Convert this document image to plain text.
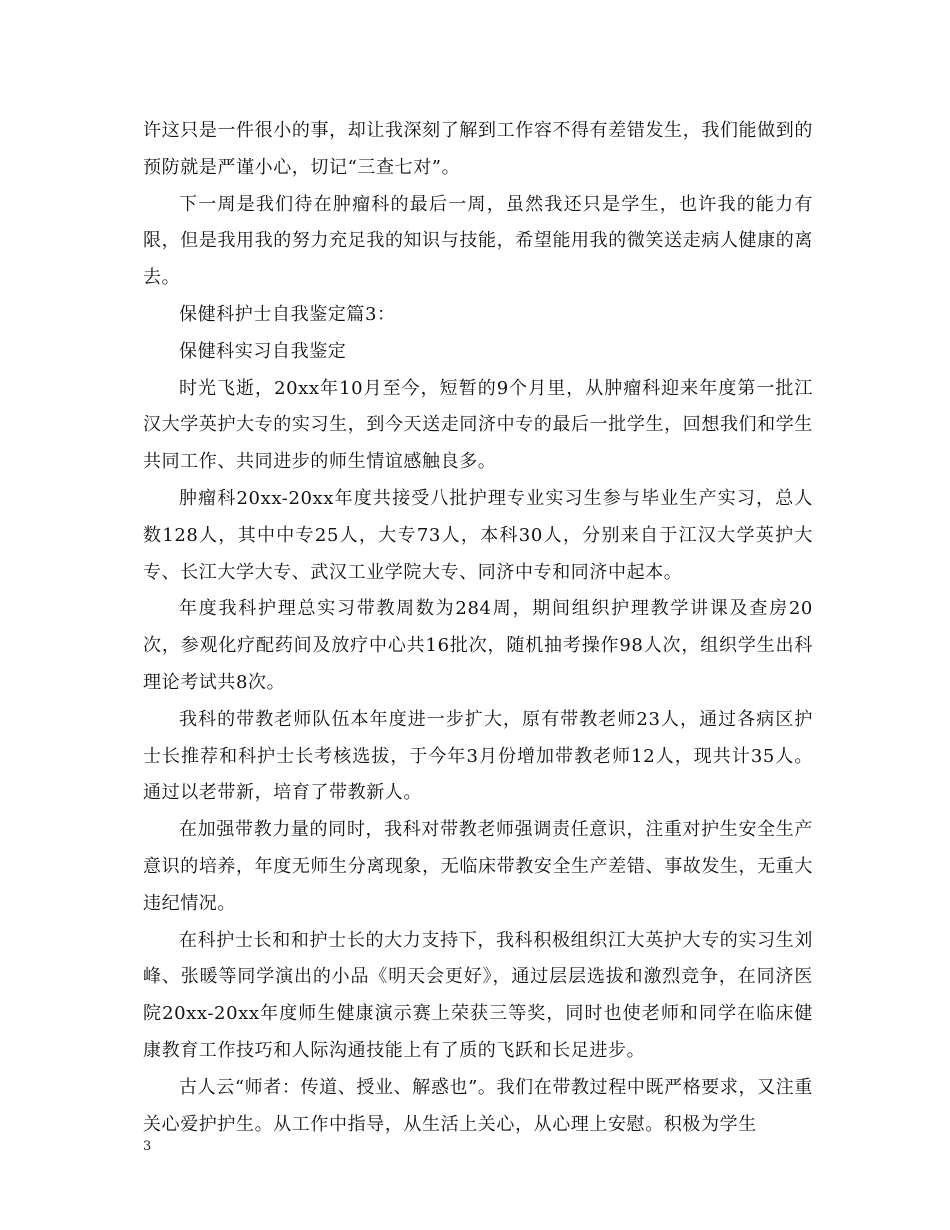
许这只是一件很小的事，却让我深刻了解到工作容不得有差错发生，我们能做到的预防就是严谨小心，切记“三查七对”。

下一周是我们待在肿瘤科的最后一周，虽然我还只是学生，也许我的能力有限，但是我用我的努力充足我的知识与技能，希望能用我的微笑送走病人健康的离去。

保健科护士自我鉴定篇3：

保健科实习自我鉴定

时光飞逝，20xx年10月至今，短暂的9个月里，从肿瘤科迎来年度第一批江汉大学英护大专的实习生，到今天送走同济中专的最后一批学生，回想我们和学生共同工作、共同进步的师生情谊感触良多。

肿瘤科20xx-20xx年度共接受八批护理专业实习生参与毕业生产实习，总人数128人，其中中专25人，大专73人，本科30人，分别来自于江汉大学英护大专、长江大学大专、武汉工业学院大专、同济中专和同济中起本。

年度我科护理总实习带教周数为284周，期间组织护理教学讲课及查房20次，参观化疗配药间及放疗中心共16批次，随机抽考操作98人次，组织学生出科理论考试共8次。

我科的带教老师队伍本年度进一步扩大，原有带教老师23人，通过各病区护士长推荐和科护士长考核选拔，于今年3月份增加带教老师12人，现共计35人。通过以老带新，培育了带教新人。

在加强带教力量的同时，我科对带教老师强调责任意识，注重对护生安全生产意识的培养，年度无师生分离现象，无临床带教安全生产差错、事故发生，无重大违纪情况。

在科护士长和和护士长的大力支持下，我科积极组织江大英护大专的实习生刘峰、张暖等同学演出的小品《明天会更好》，通过层层选拔和激烈竞争，在同济医院20xx-20xx年度师生健康演示赛上荣获三等奖，同时也使老师和同学在临床健康教育工作技巧和人际沟通技能上有了质的飞跃和长足进步。

古人云“师者：传道、授业、解惑也”。我们在带教过程中既严格要求，又注重关心爱护护生。从工作中指导，从生活上关心，从心理上安慰。积极为学生

3
